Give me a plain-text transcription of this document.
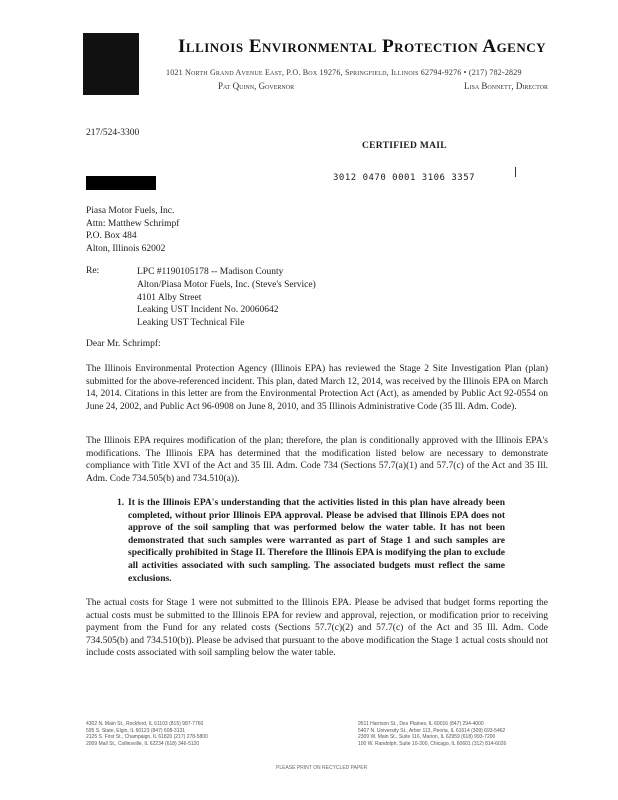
Illinois Environmental Protection Agency
1021 North Grand Avenue East, P.O. Box 19276, Springfield, Illinois 62794-9276 • (217) 782-2829
Pat Quinn, Governor	Lisa Bonnett, Director
217/524-3300
CERTIFIED MAIL
3012 0470 0001 3106 3357
Piasa Motor Fuels, Inc.
Attn: Matthew Schrimpf
P.O. Box 484
Alton, Illinois 62002
Re:	LPC #1190105178 -- Madison County
Alton/Piasa Motor Fuels, Inc. (Steve's Service)
4101 Alby Street
Leaking UST Incident No. 20060642
Leaking UST Technical File
Dear Mr. Schrimpf:

The Illinois Environmental Protection Agency (Illinois EPA) has reviewed the Stage 2 Site Investigation Plan (plan) submitted for the above-referenced incident. This plan, dated March 12, 2014, was received by the Illinois EPA on March 14, 2014. Citations in this letter are from the Environmental Protection Act (Act), as amended by Public Act 92-0554 on June 24, 2002, and Public Act 96-0908 on June 8, 2010, and 35 Illinois Administrative Code (35 Ill. Adm. Code).

The Illinois EPA requires modification of the plan; therefore, the plan is conditionally approved with the Illinois EPA's modifications. The Illinois EPA has determined that the modification listed below are necessary to demonstrate compliance with Title XVI of the Act and 35 Ill. Adm. Code 734 (Sections 57.7(a)(1) and 57.7(c) of the Act and 35 Ill. Adm. Code 734.505(b) and 734.510(a)).

1. It is the Illinois EPA's understanding that the activities listed in this plan have already been completed, without prior Illinois EPA approval. Please be advised that Illinois EPA does not approve of the soil sampling that was performed below the water table. It has not been demonstrated that such samples were warranted as part of Stage 1 and such samples are specifically prohibited in Stage II. Therefore the Illinois EPA is modifying the plan to exclude all activities associated with such sampling. The associated budgets must reflect the same exclusions.

The actual costs for Stage 1 were not submitted to the Illinois EPA. Please be advised that budget forms reporting the actual costs must be submitted to the Illinois EPA for review and approval, rejection, or modification prior to receiving payment from the Fund for any related costs (Sections 57.7(c)(2) and 57.7(c) of the Act and 35 Ill. Adm. Code 734.505(b) and 734.510(b)). Please be advised that pursuant to the above modification the Stage 1 actual costs should not include costs associated with soil sampling below the water table.

4302 N. Main St., Rockford, IL 61103 (815) 987-7760
595 S. State, Elgin, IL 60123 (847) 608-3131
2125 S. First St., Champaign, IL 61820 (217) 278-5800
2009 Mall St., Collinsville, IL 62234 (618) 346-5120
9511 Harrison St., Des Plaines, IL 60016 (847) 294-4000
5407 N. University St., Arbor 113, Peoria, IL 61614 (309) 693-5462
2309 W. Main St., Suite 116, Marion, IL 62959 (618) 993-7200
100 W. Randolph, Suite 10-300, Chicago, IL 60601 (312) 814-6026
PLEASE PRINT ON RECYCLED PAPER
